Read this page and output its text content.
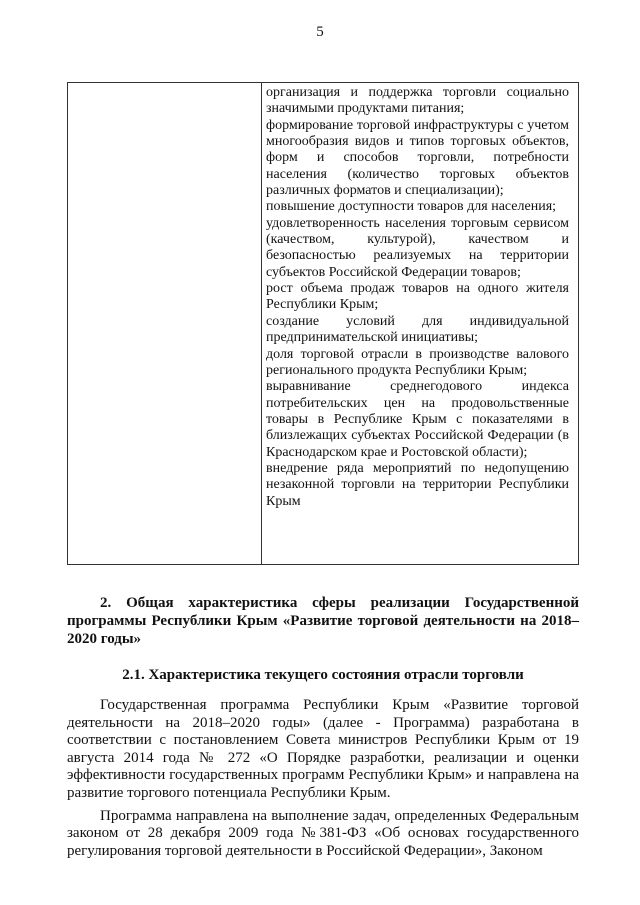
5

организация и поддержка торговли социально значимыми продуктами питания;

формирование торговой инфраструктуры с учетом многообразия видов и типов торговых объектов, форм и способов торговли, потребности населения (количество торговых объектов различных форматов и специализации);

повышение доступности товаров для населения;

удовлетворенность населения торговым сервисом (качеством, культурой), качеством и безопасностью реализуемых на территории субъектов Российской Федерации товаров;

рост объема продаж товаров на одного жителя Республики Крым;

создание условий для индивидуальной предпринимательской инициативы;

доля торговой отрасли в производстве валового регионального продукта Республики Крым;

выравнивание среднегодового индекса потребительских цен на продовольственные товары в Республике Крым с показателями в близлежащих субъектах Российской Федерации (в Краснодарском крае и Ростовской области);

внедрение ряда мероприятий по недопущению незаконной торговли на территории Республики Крым

2. Общая характеристика сферы реализации Государственной программы Республики Крым «Развитие торговой деятельности на 2018–2020 годы»
2.1. Характеристика текущего состояния отрасли торговли

Государственная программа Республики Крым «Развитие торговой деятельности на 2018–2020 годы» (далее - Программа) разработана в соответствии с постановлением Совета министров Республики Крым от 19 августа 2014 года № 272 «О Порядке разработки, реализации и оценки эффективности государственных программ Республики Крым» и направлена на развитие торгового потенциала Республики Крым.

Программа направлена на выполнение задач, определенных Федеральным законом от 28 декабря 2009 года №381-ФЗ «Об основах государственного регулирования торговой деятельности в Российской Федерации», Законом
